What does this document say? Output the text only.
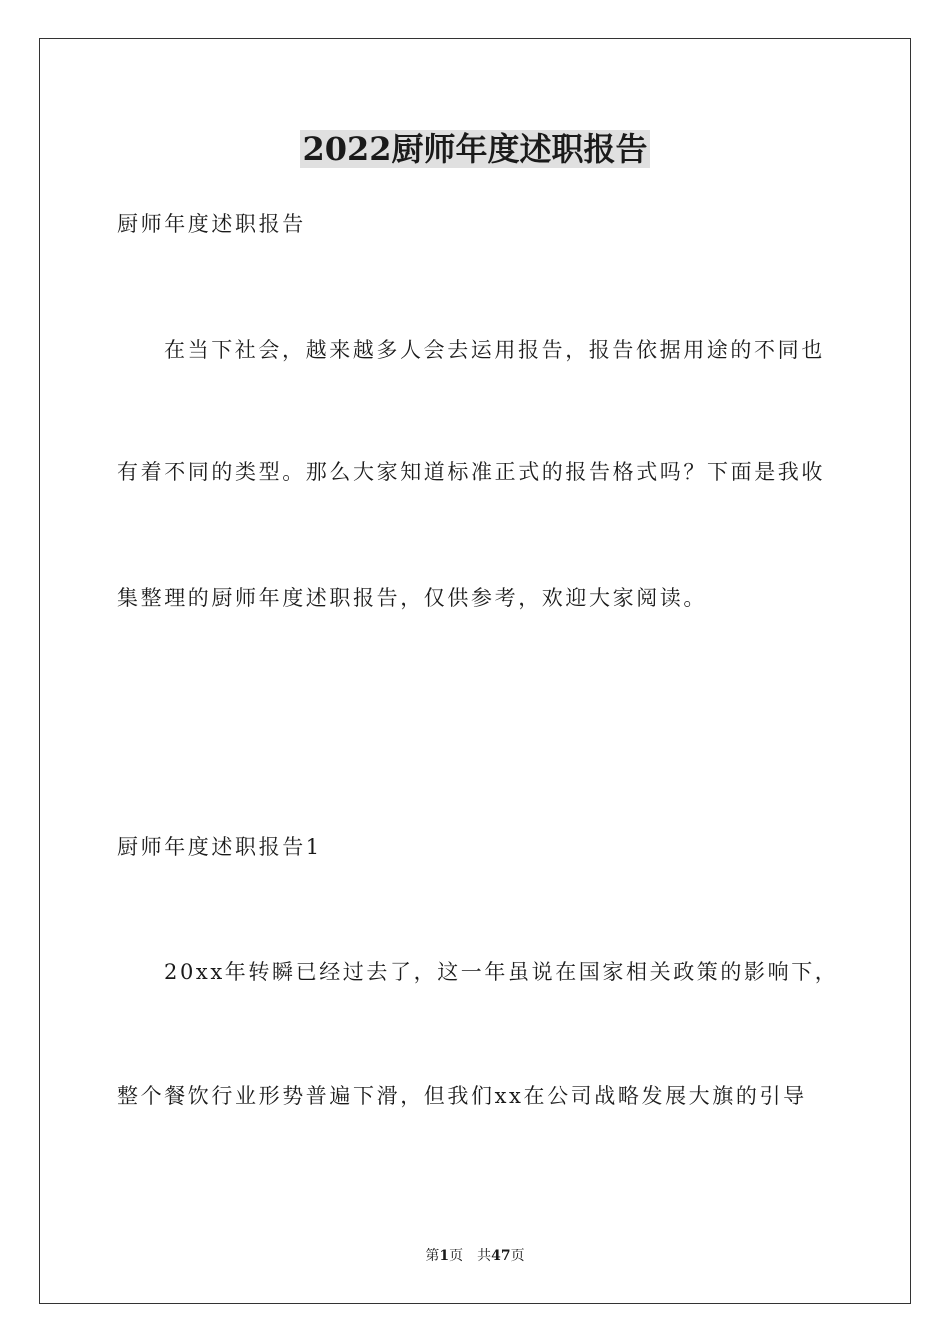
2022厨师年度述职报告
厨师年度述职报告
在当下社会，越来越多人会去运用报告，报告依据用途的不同也
有着不同的类型。那么大家知道标准正式的报告格式吗？下面是我收
集整理的厨师年度述职报告，仅供参考，欢迎大家阅读。
厨师年度述职报告1
20xx年转瞬已经过去了，这一年虽说在国家相关政策的影响下，
整个餐饮行业形势普遍下滑，但我们xx在公司战略发展大旗的引导
第1页 共47页
